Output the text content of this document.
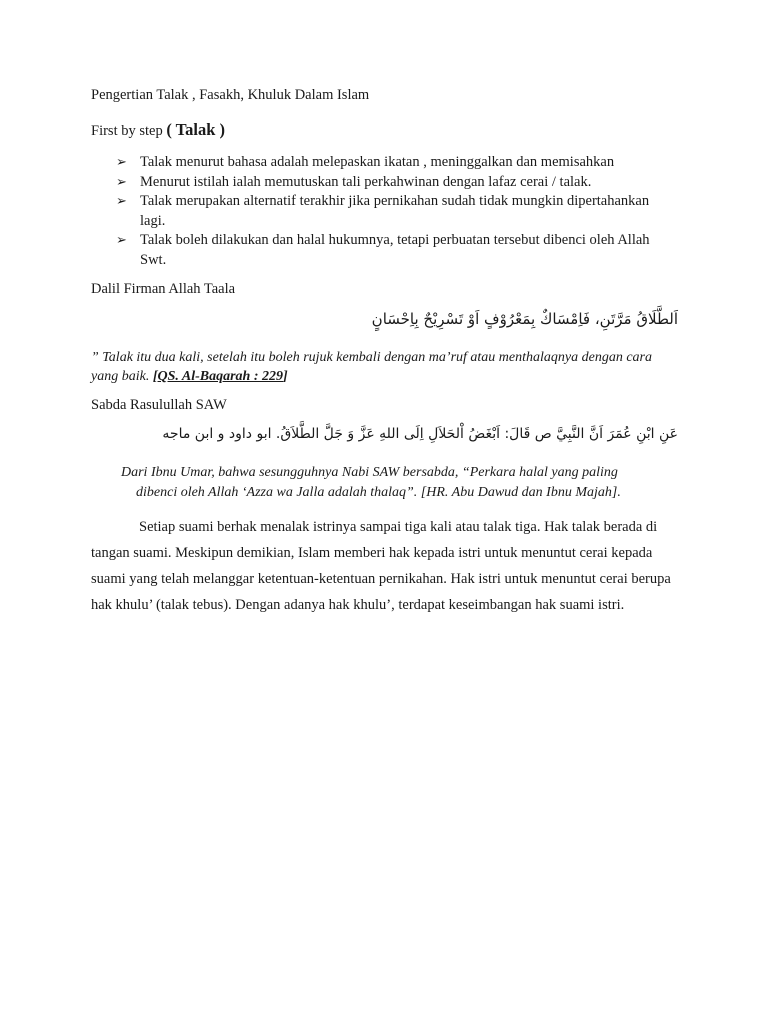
Pengertian Talak , Fasakh, Khuluk Dalam Islam
First by step ( Talak )
➢ Talak menurut bahasa adalah melepaskan ikatan , meninggalkan dan memisahkan
➢ Menurut istilah ialah memutuskan tali perkahwinan dengan lafaz cerai / talak.
➢ Talak merupakan alternatif terakhir jika pernikahan sudah tidak mungkin dipertahankan lagi.
➢ Talak boleh dilakukan dan halal hukumnya, tetapi perbuatan tersebut dibenci oleh Allah Swt.
Dalil Firman Allah Taala
اَلطَّلَاقُ مَرَّتَنِ، فَاِمْسَاكٌ بِمَعْرُوْفٍ اَوْ تَسْرِيْحٌ بِاِحْسَانٍ
” Talak itu dua kali, setelah itu boleh rujuk kembali dengan ma’ruf atau menthalaqnya dengan cara yang baik. [QS. Al-Baqarah : 229]
Sabda Rasulullah SAW
عَنِ ابْنِ عُمَرَ اَنَّ النَّبِيَّ ص قَالَ: اَبْغَضُ اْلحَلاَلِ اِلَى اللهِ عَزَّ وَ جَلَّ الطَّلاَقُ. ابو داود و ابن ماجه
Dari Ibnu Umar, bahwa sesungguhnya Nabi SAW bersabda, “Perkara halal yang paling
dibenci oleh Allah ‘Azza wa Jalla adalah thalaq”. [HR. Abu Dawud dan Ibnu Majah].
Setiap suami berhak menalak istrinya sampai tiga kali atau talak tiga. Hak talak berada di tangan suami. Meskipun demikian, Islam memberi hak kepada istri untuk menuntut cerai kepada suami yang telah melanggar ketentuan-ketentuan pernikahan. Hak istri untuk menuntut cerai berupa hak khulu’ (talak tebus). Dengan adanya hak khulu’, terdapat keseimbangan hak suami istri.
